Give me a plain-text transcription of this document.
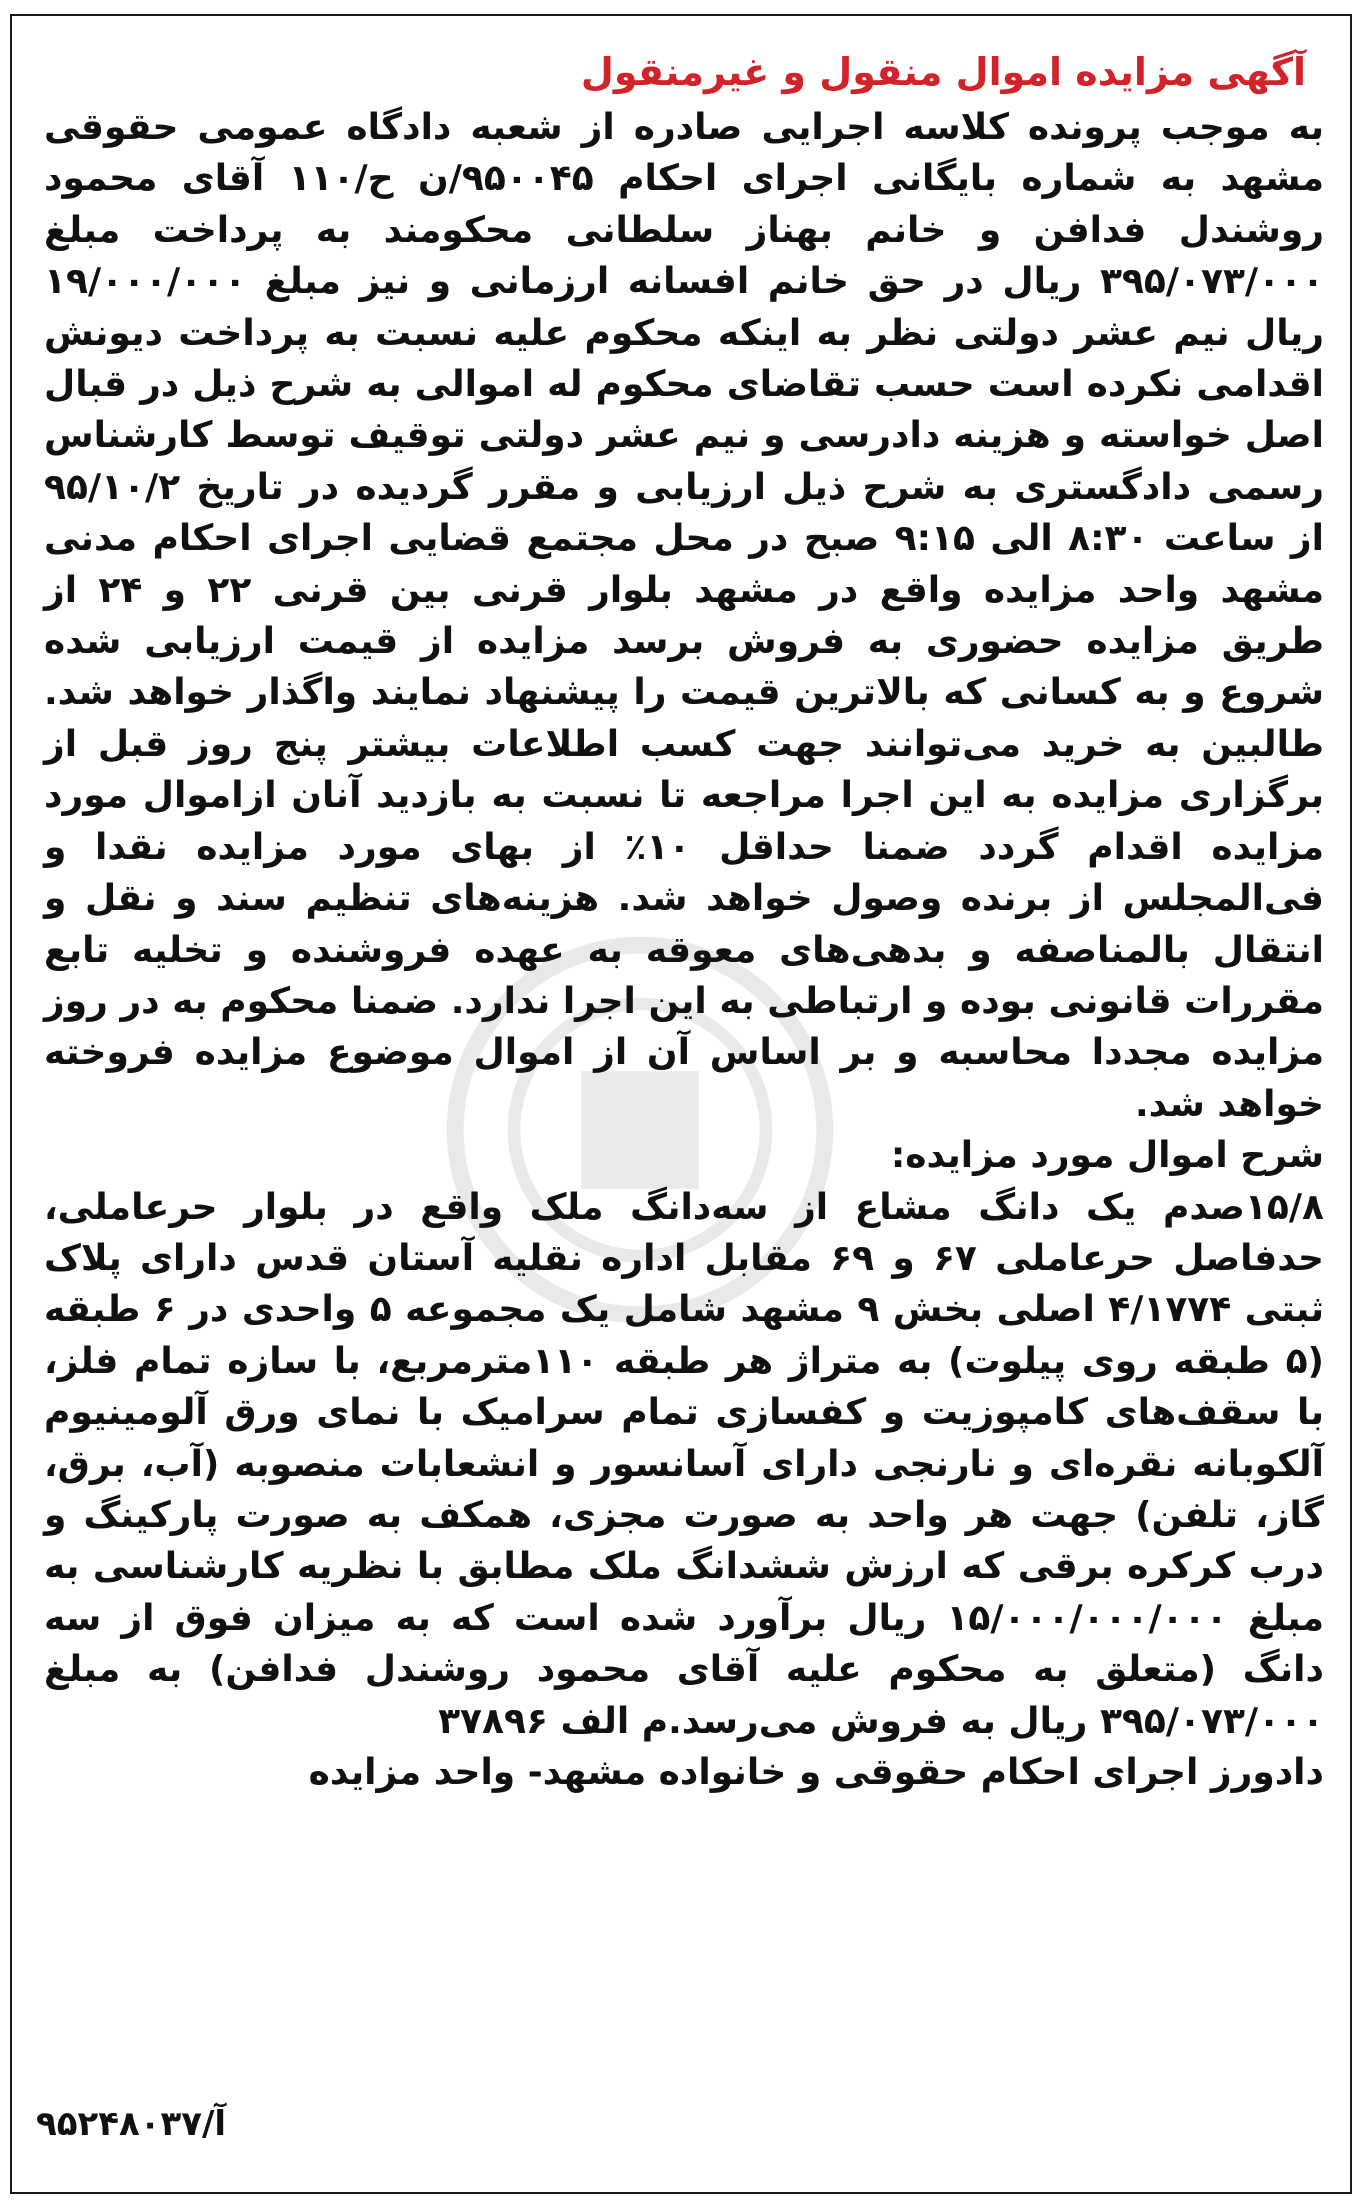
آگهی مزایده اموال منقول و غیرمنقول

به موجب پرونده کلاسه اجرایی صادره از شعبه دادگاه عمومی حقوقی مشهد به شماره بایگانی اجرای احکام ۹۵۰۰۴۵/ن ح/۱۱۰ آقای محمود روشندل فدافن و خانم بهناز سلطانی محکومند به پرداخت مبلغ ۳۹۵/۰۷۳/۰۰۰ ریال در حق خانم افسانه ارزمانی و نیز مبلغ ۱۹/۰۰۰/۰۰۰ ریال نیم عشر دولتی نظر به اینکه محکوم علیه نسبت به پرداخت دیونش اقدامی نکرده است حسب تقاضای محکوم له اموالی به شرح ذیل در قبال اصل خواسته و هزینه دادرسی و نیم عشر دولتی توقیف توسط کارشناس رسمی دادگستری به شرح ذیل ارزیابی و مقرر گردیده در تاریخ ۹۵/۱۰/۲ از ساعت ۸:۳۰ الی ۹:۱۵ صبح در محل مجتمع قضایی اجرای احکام مدنی مشهد واحد مزایده واقع در مشهد بلوار قرنی بین قرنی ۲۲ و ۲۴ از طریق مزایده حضوری به فروش برسد مزایده از قیمت ارزیابی شده شروع و به کسانی که بالاترین قیمت را پیشنهاد نمایند واگذار خواهد شد. طالبین به خرید می‌توانند جهت کسب اطلاعات بیشتر پنج روز قبل از برگزاری مزایده به این اجرا مراجعه تا نسبت به بازدید آنان ازاموال مورد مزایده اقدام گردد ضمنا حداقل ۱۰٪ از بهای مورد مزایده نقدا و فی‌المجلس از برنده وصول خواهد شد. هزینه‌های تنظیم سند و نقل و انتقال بالمناصفه و بدهی‌های معوقه به عهده فروشنده و تخلیه تابع مقررات قانونی بوده و ارتباطی به این اجرا ندارد. ضمنا محکوم به در روز مزایده مجددا محاسبه و بر اساس آن از اموال موضوع مزایده فروخته خواهد شد.

شرح اموال مورد مزایده:

۱۵/۸صدم یک دانگ مشاع از سه‌دانگ ملک واقع در بلوار حرعاملی، حدفاصل حرعاملی ۶۷ و ۶۹ مقابل اداره نقلیه آستان قدس دارای پلاک ثبتی ۴/۱۷۷۴ اصلی بخش ۹ مشهد شامل یک مجموعه ۵ واحدی در ۶ طبقه (۵ طبقه روی پیلوت) به متراژ هر طبقه ۱۱۰مترمربع، با سازه تمام فلز، با سقف‌های کامپوزیت و کفسازی تمام سرامیک با نمای ورق آلومینیوم آلکوبانه نقره‌ای و نارنجی دارای آسانسور و انشعابات منصوبه (آب، برق، گاز، تلفن) جهت هر واحد به صورت مجزی، همکف به صورت پارکینگ و درب کرکره برقی که ارزش ششدانگ ملک مطابق با نظریه کارشناسی به مبلغ ۱۵/۰۰۰/۰۰۰/۰۰۰ ریال برآورد شده است که به میزان فوق از سه دانگ (متعلق به محکوم علیه آقای محمود روشندل فدافن) به مبلغ ۳۹۵/۰۷۳/۰۰۰ ریال به فروش می‌رسد.م الف ۳۷۸۹۶

دادورز اجرای احکام حقوقی و خانواده مشهد- واحد مزایده

آ/۹۵۲۴۸۰۳۷
